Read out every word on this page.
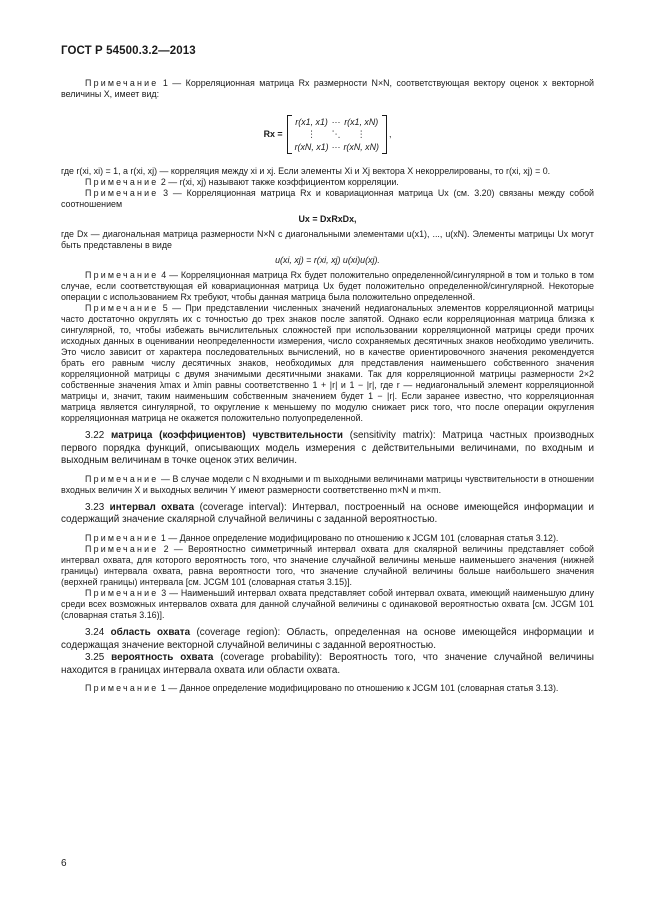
ГОСТ Р 54500.3.2—2013

Примечание 1 — Корреляционная матрица Rx размерности N×N, соответствующая вектору оценок x векторной величины X, имеет вид:

Rx =
r(x1, x1) ··· r(x1, xN)
⋮	⋱	⋮
r(xN, x1) ··· r(xN, xN)
,

где r(xi, xi) = 1, а r(xi, xj) — корреляция между xi и xj. Если элементы Xi и Xj вектора X некоррелированы, то r(xi, xj) = 0.

Примечание 2 — r(xi, xj) называют также коэффициентом корреляции.

Примечание 3 — Корреляционная матрица Rx и ковариационная матрица Ux (см. 3.20) связаны между собой соотношением

Ux = DxRxDx,

где Dx — диагональная матрица размерности N×N с диагональными элементами u(x1), ..., u(xN). Элементы матрицы Ux могут быть представлены в виде

u(xi, xj) = r(xi, xj) u(xi)u(xj).

Примечание 4 — Корреляционная матрица Rx будет положительно определенной/сингулярной в том и только в том случае, если соответствующая ей ковариационная матрица Ux будет положительно определенной/сингулярной. Некоторые операции с использованием Rx требуют, чтобы данная матрица была положительно определенной.

Примечание 5 — При представлении численных значений недиагональных элементов корреляционной матрицы часто достаточно округлять их с точностью до трех знаков после запятой. Однако если корреляционная матрица близка к сингулярной, то, чтобы избежать вычислительных сложностей при использовании корреляционной матрицы среди прочих исходных данных в оценивании неопределенности измерения, число сохраняемых десятичных знаков необходимо увеличить. Это число зависит от характера последовательных вычислений, но в качестве ориентировочного значения рекомендуется брать его равным числу десятичных знаков, необходимых для представления наименьшего собственного значения корреляционной матрицы с двумя значимыми десятичными знаками. Так для корреляционной матрицы размерности 2×2 собственные значения λmax и λmin равны соответственно 1 + |r| и 1 − |r|, где r — недиагональный элемент корреляционной матрицы и, значит, таким наименьшим собственным значением будет 1 − |r|. Если заранее известно, что корреляционная матрица является сингулярной, то округление к меньшему по модулю снижает риск того, что после операции округления корреляционная матрица не окажется положительно полуопределенной.

3.22 матрица (коэффициентов) чувствительности (sensitivity matrix): Матрица частных производных первого порядка функций, описывающих модель измерения с действительными величинами, по входным и выходным величинам в точке оценок этих величин.

Примечание — В случае модели с N входными и m выходными величинами матрицы чувствительности в отношении входных величин X и выходных величин Y имеют размерности соответственно m×N и m×m.

3.23 интервал охвата (coverage interval): Интервал, построенный на основе имеющейся информации и содержащий значение скалярной случайной величины с заданной вероятностью.

Примечание 1 — Данное определение модифицировано по отношению к JCGM 101 (словарная статья 3.12).

Примечание 2 — Вероятностно симметричный интервал охвата для скалярной величины представляет собой интервал охвата, для которого вероятность того, что значение случайной величины меньше наименьшего значения (нижней границы) интервала охвата, равна вероятности того, что значение случайной величины больше наибольшего значения (верхней границы) интервала [см. JCGM 101 (словарная статья 3.15)].

Примечание 3 — Наименьший интервал охвата представляет собой интервал охвата, имеющий наименьшую длину среди всех возможных интервалов охвата для данной случайной величины с одинаковой вероятностью охвата [см. JCGM 101 (словарная статья 3.16)].

3.24 область охвата (coverage region): Область, определенная на основе имеющейся информации и содержащая значение векторной случайной величины с заданной вероятностью.

3.25 вероятность охвата (coverage probability): Вероятность того, что значение случайной величины находится в границах интервала охвата или области охвата.

Примечание 1 — Данное определение модифицировано по отношению к JCGM 101 (словарная статья 3.13).

6
